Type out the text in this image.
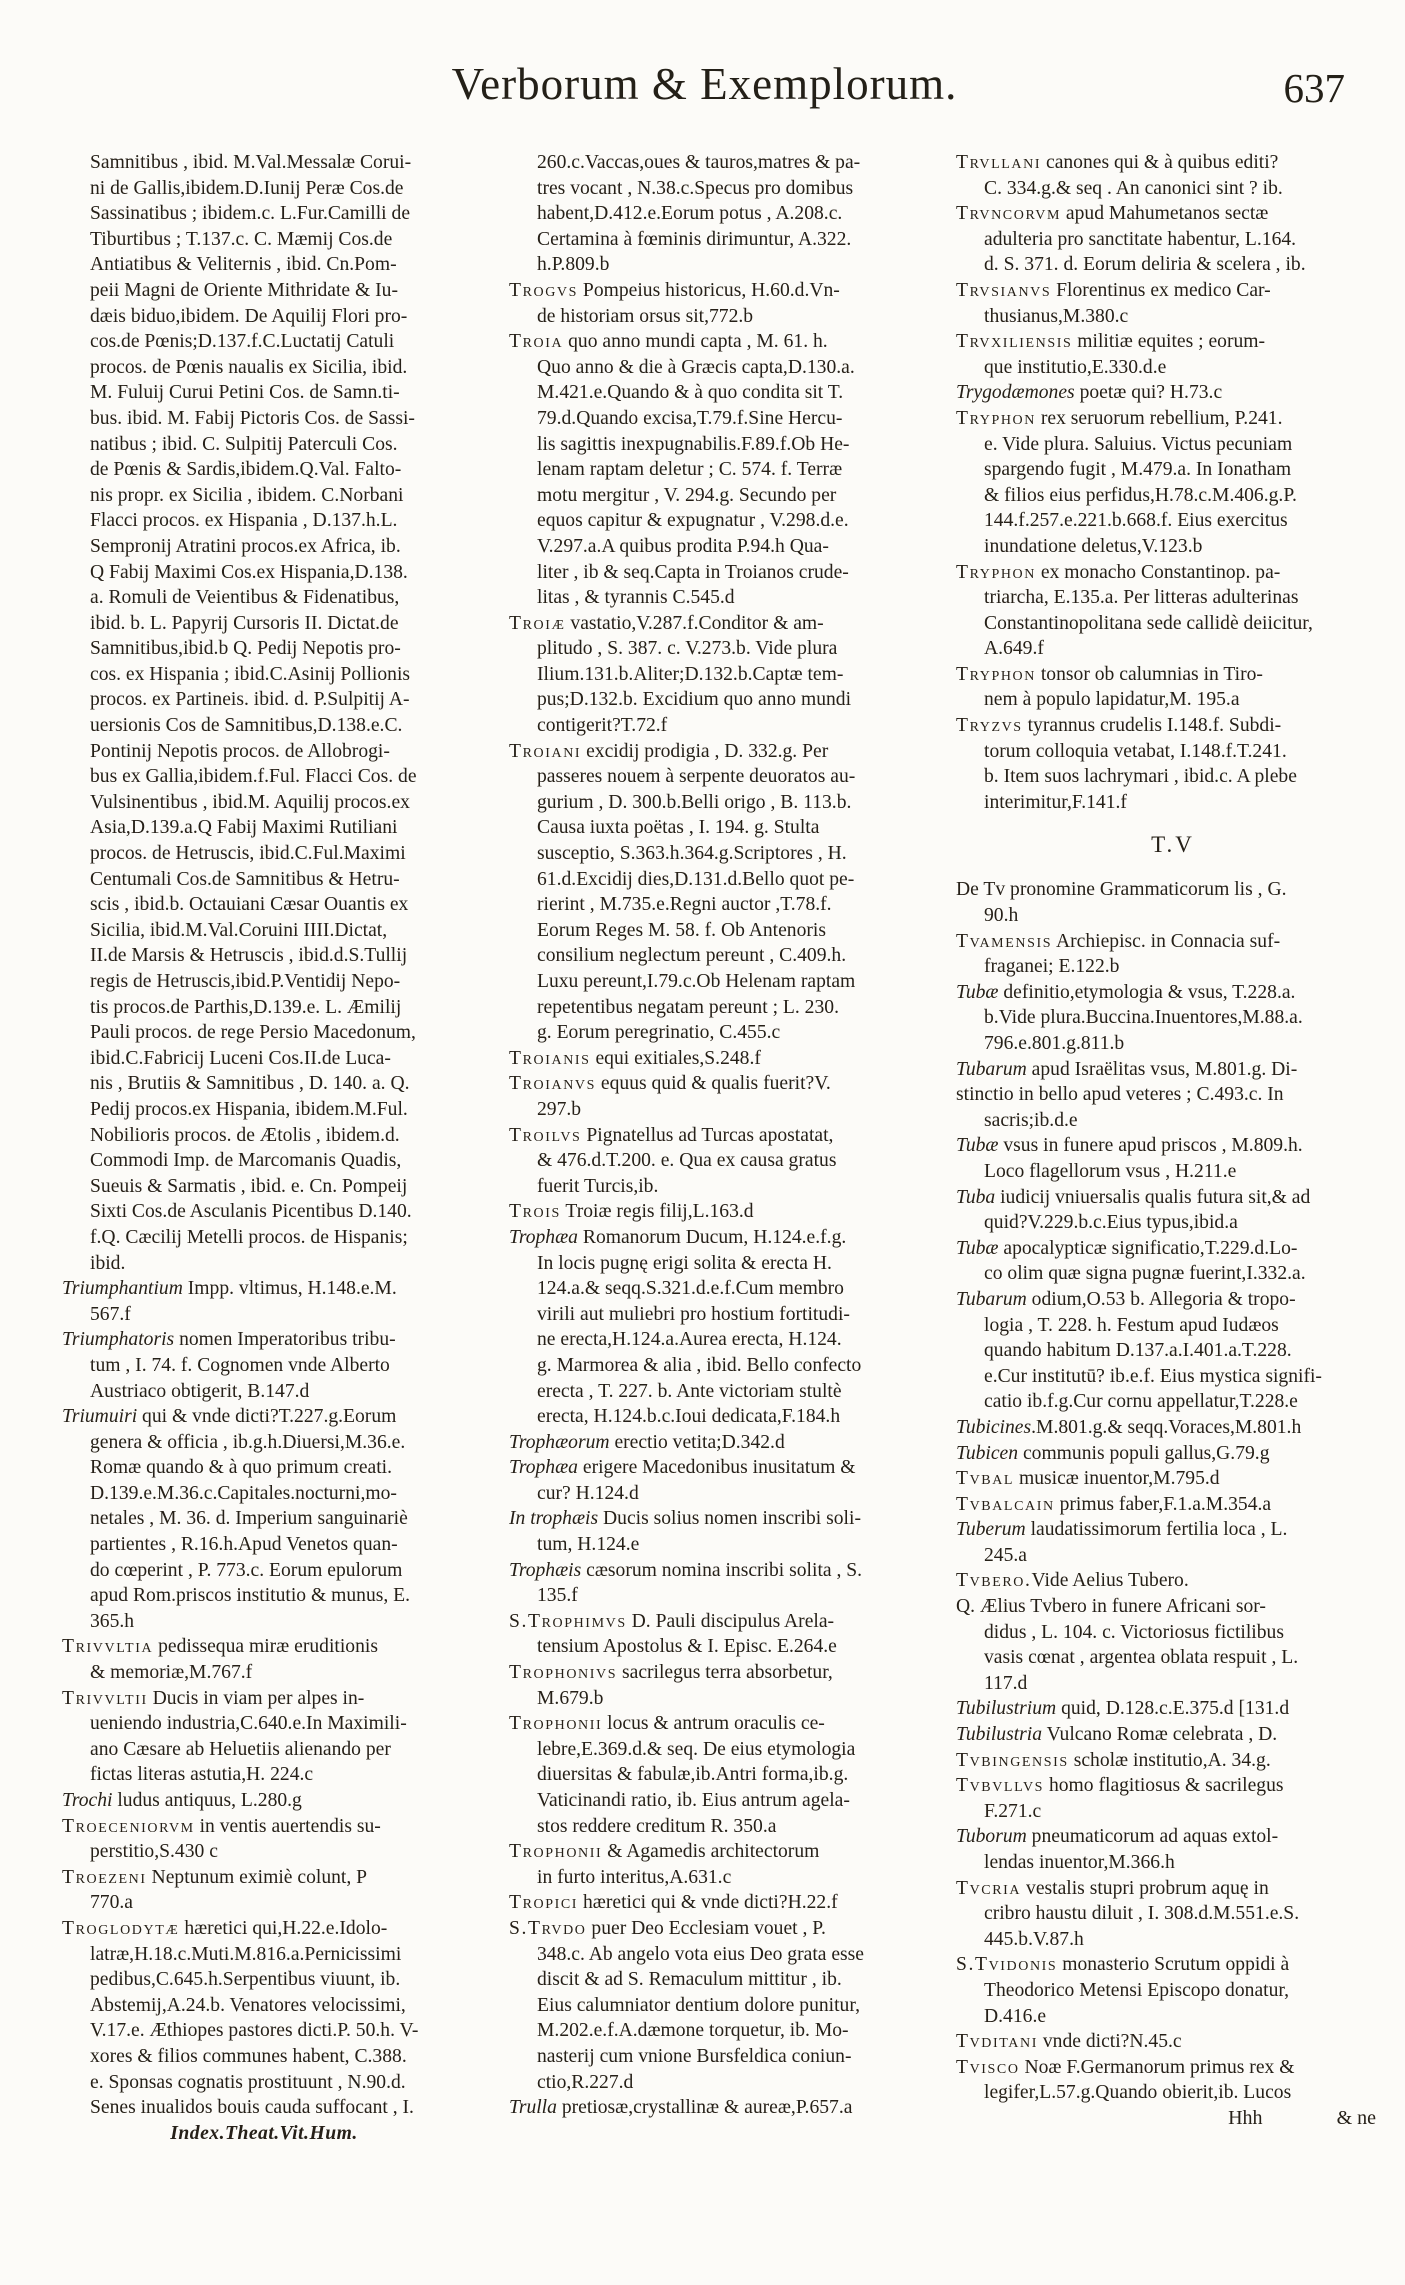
Verborum & Exemplorum.	637
Samnitibus , ibid. M.Val.Messalæ Corui-
ni de Gallis,ibidem.D.Iunij Peræ Cos.de
Sassinatibus ; ibidem.c. L.Fur.Camilli de
Tiburtibus ; T.137.c. C. Mæmij Cos.de
Antiatibus & Veliternis , ibid. Cn.Pom-
peii Magni de Oriente Mithridate & Iu-
dæis biduo,ibidem. De Aquilij Flori pro-
cos.de Pœnis;D.137.f.C.Luctatij Catuli
procos. de Pœnis naualis ex Sicilia, ibid.
M. Fuluij Curui Petini Cos. de Samn.ti-
bus. ibid. M. Fabij Pictoris Cos. de Sassi-
natibus ; ibid. C. Sulpitij Paterculi Cos.
de Pœnis & Sardis,ibidem.Q.Val. Falto-
nis propr. ex Sicilia , ibidem. C.Norbani
Flacci procos. ex Hispania , D.137.h.L.
Sempronij Atratini procos.ex Africa, ib.
Q Fabij Maximi Cos.ex Hispania,D.138.
a. Romuli de Veientibus & Fidenatibus,
ibid. b. L. Papyrij Cursoris II. Dictat.de
Samnitibus,ibid.b Q. Pedij Nepotis pro-
cos. ex Hispania ; ibid.C.Asinij Pollionis
procos. ex Partineis. ibid. d. P.Sulpitij A-
uersionis Cos de Samnitibus,D.138.e.C.
Pontinij Nepotis procos. de Allobrogi-
bus ex Gallia,ibidem.f.Ful. Flacci Cos. de
Vulsinentibus , ibid.M. Aquilij procos.ex
Asia,D.139.a.Q Fabij Maximi Rutiliani
procos. de Hetruscis, ibid.C.Ful.Maximi
Centumali Cos.de Samnitibus & Hetru-
scis , ibid.b. Octauiani Cæsar Ouantis ex
Sicilia, ibid.M.Val.Coruini IIII.Dictat,
II.de Marsis & Hetruscis , ibid.d.S.Tullij
regis de Hetruscis,ibid.P.Ventidij Nepo-
tis procos.de Parthis,D.139.e. L. Æmilij
Pauli procos. de rege Persio Macedonum,
ibid.C.Fabricij Luceni Cos.II.de Luca-
nis , Brutiis & Samnitibus , D. 140. a. Q.
Pedij procos.ex Hispania, ibidem.M.Ful.
Nobilioris procos. de Ætolis , ibidem.d.
Commodi Imp. de Marcomanis Quadis,
Sueuis & Sarmatis , ibid. e. Cn. Pompeij
Sixti Cos.de Asculanis Picentibus D.140.
f.Q. Cæcilij Metelli procos. de Hispanis;
ibid.
Triumphantium Impp. vltimus, H.148.e.M.
567.f
Triumphatoris nomen Imperatoribus tribu-
tum , I. 74. f. Cognomen vnde Alberto
Austriaco obtigerit, B.147.d
Triumuiri qui & vnde dicti?T.227.g.Eorum
genera & officia , ib.g.h.Diuersi,M.36.e.
Romæ quando & à quo primum creati.
D.139.e.M.36.c.Capitales.nocturni,mo-
netales , M. 36. d. Imperium sanguinariè
partientes , R.16.h.Apud Venetos quan-
do cœperint , P. 773.c. Eorum epulorum
apud Rom.priscos institutio & munus, E.
365.h
Trivvltia pedissequa miræ eruditionis
& memoriæ,M.767.f
Trivvltii Ducis in viam per alpes in-
ueniendo industria,C.640.e.In Maximili-
ano Cæsare ab Heluetiis alienando per
fictas literas astutia,H. 224.c
Trochi ludus antiquus, L.280.g
Troeceniorvm in ventis auertendis su-
perstitio,S.430 c
Troezeni Neptunum eximiè colunt, P
770.a
Troglodytæ hæretici qui,H.22.e.Idolo-
latræ,H.18.c.Muti.M.816.a.Pernicissimi
pedibus,C.645.h.Serpentibus viuunt, ib.
Abstemij,A.24.b. Venatores velocissimi,
V.17.e. Æthiopes pastores dicti.P. 50.h. V-
xores & filios communes habent, C.388.
e. Sponsas cognatis prostituunt , N.90.d.
Senes inualidos bouis cauda suffocant , I.
Index.Theat.Vit.Hum.
260.c.Vaccas,oues & tauros,matres & pa-
tres vocant , N.38.c.Specus pro domibus
habent,D.412.e.Eorum potus , A.208.c.
Certamina à fœminis dirimuntur, A.322.
h.P.809.b
Trogvs Pompeius historicus, H.60.d.Vn-
de historiam orsus sit,772.b
Troia quo anno mundi capta , M. 61. h.
Quo anno & die à Græcis capta,D.130.a.
M.421.e.Quando & à quo condita sit T.
79.d.Quando excisa,T.79.f.Sine Hercu-
lis sagittis inexpugnabilis.F.89.f.Ob He-
lenam raptam deletur ; C. 574. f. Terræ
motu mergitur , V. 294.g. Secundo per
equos capitur & expugnatur , V.298.d.e.
V.297.a.A quibus prodita P.94.h Qua-
liter , ib & seq.Capta in Troianos crude-
litas , & tyrannis C.545.d
Troiæ vastatio,V.287.f.Conditor & am-
plitudo , S. 387. c. V.273.b. Vide plura
Ilium.131.b.Aliter;D.132.b.Captæ tem-
pus;D.132.b. Excidium quo anno mundi
contigerit?T.72.f
Troiani excidij prodigia , D. 332.g. Per
passeres nouem à serpente deuoratos au-
gurium , D. 300.b.Belli origo , B. 113.b.
Causa iuxta poëtas , I. 194. g. Stulta
susceptio, S.363.h.364.g.Scriptores , H.
61.d.Excidij dies,D.131.d.Bello quot pe-
rierint , M.735.e.Regni auctor ,T.78.f.
Eorum Reges M. 58. f. Ob Antenoris
consilium neglectum pereunt , C.409.h.
Luxu pereunt,I.79.c.Ob Helenam raptam
repetentibus negatam pereunt ; L. 230.
g. Eorum peregrinatio, C.455.c
Troianis equi exitiales,S.248.f
Troianvs equus quid & qualis fuerit?V.
297.b
Troilvs Pignatellus ad Turcas apostatat,
& 476.d.T.200. e. Qua ex causa gratus
fuerit Turcis,ib.
Trois Troiæ regis filij,L.163.d
Trophæa Romanorum Ducum, H.124.e.f.g.
In locis pugnę erigi solita & erecta H.
124.a.& seqq.S.321.d.e.f.Cum membro
virili aut muliebri pro hostium fortitudi-
ne erecta,H.124.a.Aurea erecta, H.124.
g. Marmorea & alia , ibid. Bello confecto
erecta , T. 227. b. Ante victoriam stultè
erecta, H.124.b.c.Ioui dedicata,F.184.h
Trophæorum erectio vetita;D.342.d
Trophæa erigere Macedonibus inusitatum &
cur? H.124.d
In trophæis Ducis solius nomen inscribi soli-
tum, H.124.e
Trophæis cæsorum nomina inscribi solita , S.
135.f
S.Trophimvs D. Pauli discipulus Arela-
tensium Apostolus & I. Episc. E.264.e
Trophonivs sacrilegus terra absorbetur,
M.679.b
Trophonii locus & antrum oraculis ce-
lebre,E.369.d.& seq. De eius etymologia
diuersitas & fabulæ,ib.Antri forma,ib.g.
Vaticinandi ratio, ib. Eius antrum agela-
stos reddere creditum R. 350.a
Trophonii & Agamedis architectorum
in furto interitus,A.631.c
Tropici hæretici qui & vnde dicti?H.22.f
S.Trvdo puer Deo Ecclesiam vouet , P.
348.c. Ab angelo vota eius Deo grata esse
discit & ad S. Remaculum mittitur , ib.
Eius calumniator dentium dolore punitur,
M.202.e.f.A.dæmone torquetur, ib. Mo-
nasterij cum vnione Bursfeldica coniun-
ctio,R.227.d
Trulla pretiosæ,crystallinæ & aureæ,P.657.a
Trvllani canones qui & à quibus editi?
C. 334.g.& seq . An canonici sint ? ib.
Trvncorvm apud Mahumetanos sectæ
adulteria pro sanctitate habentur, L.164.
d. S. 371. d. Eorum deliria & scelera , ib.
Trvsianvs Florentinus ex medico Car-
thusianus,M.380.c
Trvxiliensis militiæ equites ; eorum-
que institutio,E.330.d.e
Trygodæmones poetæ qui? H.73.c
Tryphon rex seruorum rebellium, P.241.
e. Vide plura. Saluius. Victus pecuniam
spargendo fugit , M.479.a. In Ionatham
& filios eius perfidus,H.78.c.M.406.g.P.
144.f.257.e.221.b.668.f. Eius exercitus
inundatione deletus,V.123.b
Tryphon ex monacho Constantinop. pa-
triarcha, E.135.a. Per litteras adulterinas
Constantinopolitana sede callidè deiicitur,
A.649.f
Tryphon tonsor ob calumnias in Tiro-
nem à populo lapidatur,M. 195.a
Tryzvs tyrannus crudelis I.148.f. Subdi-
torum colloquia vetabat, I.148.f.T.241.
b. Item suos lachrymari , ibid.c. A plebe
interimitur,F.141.f
T.V
De Tv pronomine Grammaticorum lis , G.
90.h
Tvamensis Archiepisc. in Connacia suf-
fraganei; E.122.b
Tubæ definitio,etymologia & vsus, T.228.a.
b.Vide plura.Buccina.Inuentores,M.88.a.
796.e.801.g.811.b
Tubarum apud Israëlitas vsus, M.801.g. Di-
stinctio in bello apud veteres ; C.493.c. In
sacris;ib.d.e
Tubæ vsus in funere apud priscos , M.809.h.
Loco flagellorum vsus , H.211.e
Tuba iudicij vniuersalis qualis futura sit,& ad
quid?V.229.b.c.Eius typus,ibid.a
Tubæ apocalypticæ significatio,T.229.d.Lo-
co olim quæ signa pugnæ fuerint,I.332.a.
Tubarum odium,O.53 b. Allegoria & tropo-
logia , T. 228. h. Festum apud Iudæos
quando habitum D.137.a.I.401.a.T.228.
e.Cur institutū? ib.e.f. Eius mystica signifi-
catio ib.f.g.Cur cornu appellatur,T.228.e
Tubicines.M.801.g.& seqq.Voraces,M.801.h
Tubicen communis populi gallus,G.79.g
Tvbal musicæ inuentor,M.795.d
Tvbalcain primus faber,F.1.a.M.354.a
Tuberum laudatissimorum fertilia loca , L.
245.a
Tvbero.Vide Aelius Tubero.
Q. Ælius Tvbero in funere Africani sor-
didus , L. 104. c. Victoriosus fictilibus
vasis cœnat , argentea oblata respuit , L.
117.d
Tubilustrium quid, D.128.c.E.375.d [131.d
Tubilustria Vulcano Romæ celebrata , D.
Tvbingensis scholæ institutio,A. 34.g.
Tvbvllvs homo flagitiosus & sacrilegus
F.271.c
Tuborum pneumaticorum ad aquas extol-
lendas inuentor,M.366.h
Tvcria vestalis stupri probrum aquę in
cribro haustu diluit , I. 308.d.M.551.e.S.
445.b.V.87.h
S.Tvidonis monasterio Scrutum oppidi à
Theodorico Metensi Episcopo donatur,
D.416.e
Tvditani vnde dicti?N.45.c
Tvisco Noæ F.Germanorum primus rex &
legifer,L.57.g.Quando obierit,ib. Lucos
Hhh	& ne
